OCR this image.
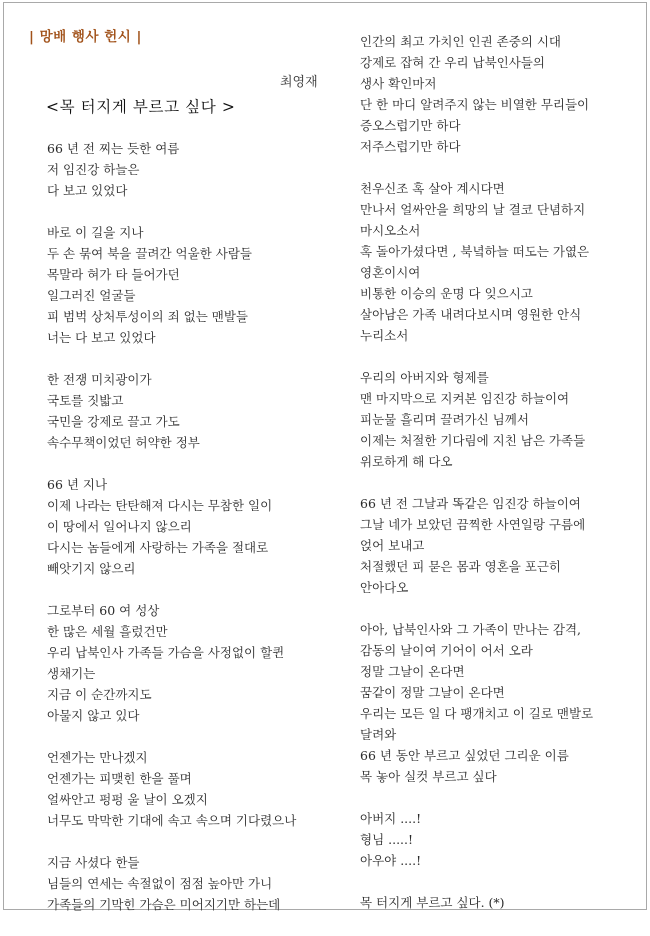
| 망배 행사 헌시 |
최영재
<목 터지게 부르고 싶다 >
66 년 전 찌는 듯한 여름
저 임진강 하늘은
다 보고 있었다
바로 이 길을 지나
두 손 묶여 북을 끌려간 억울한 사람들
목말라 혀가 타 들어가던
일그러진 얼굴들
피 범벅 상처투성이의 죄 없는 맨발들
너는 다 보고 있었다
한 전쟁 미치광이가
국토를 짓밟고
국민을 강제로 끌고 가도
속수무책이었던 허약한 정부
66 년 지나
이제 나라는 탄탄해져 다시는 무참한 일이
이 땅에서 일어나지 않으리
다시는 놈들에게 사랑하는 가족을 절대로
빼앗기지 않으리
그로부터 60 여 성상
한 많은 세월 흘렀건만
우리 납북인사 가족들 가슴을 사정없이 할퀸
생채기는
지금 이 순간까지도
아물지 않고 있다
언젠가는 만나겠지
언젠가는 피맺힌 한을 풀며
얼싸안고 펑펑 울 날이 오겠지
너무도 막막한 기대에 속고 속으며 기다렸으나
지금 사셨다 한들
님들의 연세는 속절없이 점점 높아만 가니
가족들의 기막힌 가슴은 미어지기만 하는데
인간의 최고 가치인 인권 존중의 시대
강제로 잡혀 간 우리 납북인사들의
생사 확인마저
단 한 마디 알려주지 않는 비열한 무리들이
증오스럽기만 하다
저주스럽기만 하다
천우신조 혹 살아 계시다면
만나서 얼싸안을 희망의 날 결코 단념하지
마시오소서
혹 돌아가셨다면 , 북녘하늘 떠도는 가엾은
영혼이시여
비통한 이승의 운명 다 잊으시고
살아남은 가족 내려다보시며 영원한 안식
누리소서
우리의 아버지와 형제를
맨 마지막으로 지켜본 임진강 하늘이여
피눈물 흘리며 끌려가신 님께서
이제는 처절한 기다림에 지친 남은 가족들
위로하게 해 다오
66 년 전 그날과 똑같은 임진강 하늘이여
그날 네가 보았던 끔찍한 사연일랑 구름에
얹어 보내고
처절했던 피 묻은 몸과 영혼을 포근히
안아다오
아아, 납북인사와 그 가족이 만나는 감격,
감동의 날이여 기어이 어서 오라
정말 그날이 온다면
꿈같이 정말 그날이 온다면
우리는 모든 일 다 팽개치고 이 길로 맨발로
달려와
66 년 동안 부르고 싶었던 그리운 이름
목 놓아 실컷 부르고 싶다
아버지 ....!
형님 .....!
아우야 ....!
목 터지게 부르고 싶다. (*)
